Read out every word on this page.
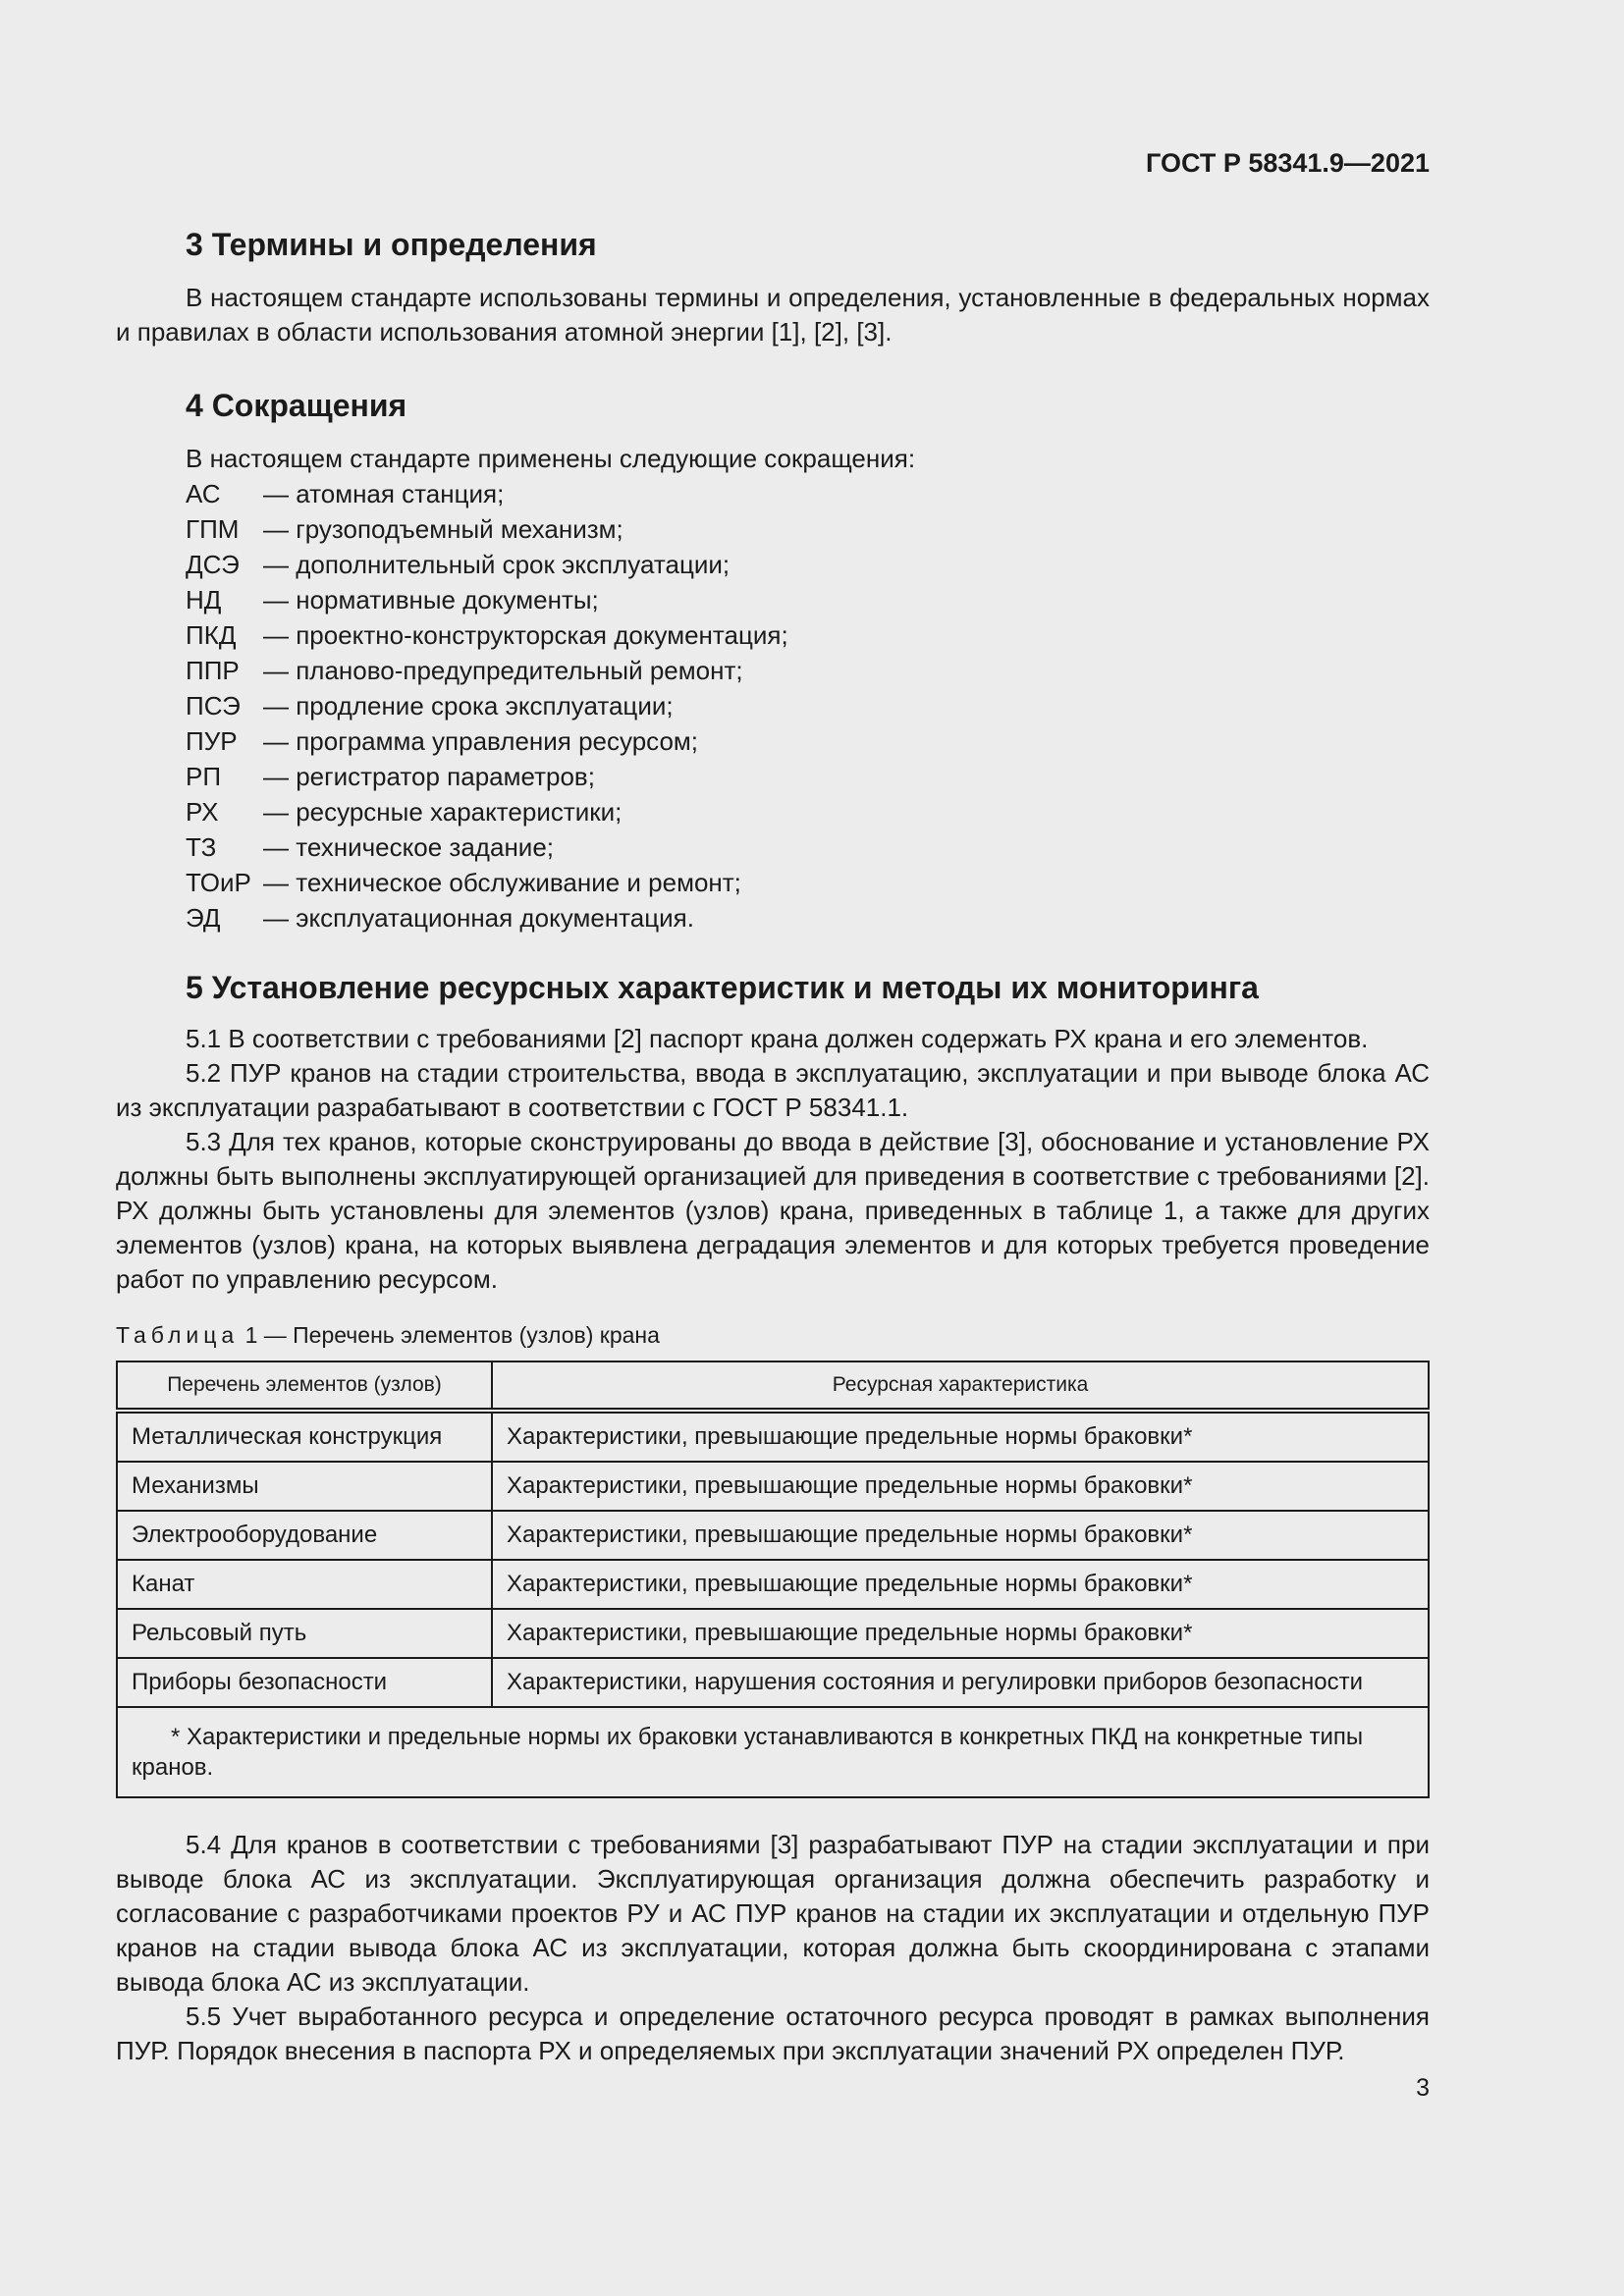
ГОСТ Р 58341.9—2021
3 Термины и определения

В настоящем стандарте использованы термины и определения, установленные в федеральных нормах и правилах в области использования атомной энергии [1], [2], [3].

4 Сокращения

В настоящем стандарте применены следующие сокращения:

АС	— атомная станция;
ГПМ — грузоподъемный механизм;
ДСЭ — дополнительный срок эксплуатации;
НД	— нормативные документы;
ПКД	— проектно-конструкторская документация;
ППР — планово-предупредительный ремонт;
ПСЭ — продление срока эксплуатации;
ПУР	— программа управления ресурсом;
РП	— регистратор параметров;
РХ	— ресурсные характеристики;
ТЗ	— техническое задание;
ТОиР — техническое обслуживание и ремонт;
ЭД	— эксплуатационная документация.
5 Установление ресурсных характеристик и методы их мониторинга

5.1 В соответствии с требованиями [2] паспорт крана должен содержать РХ крана и его элементов.

5.2 ПУР кранов на стадии строительства, ввода в эксплуатацию, эксплуатации и при выводе блока АС из эксплуатации разрабатывают в соответствии с ГОСТ Р 58341.1.

5.3 Для тех кранов, которые сконструированы до ввода в действие [3], обоснование и установление РХ должны быть выполнены эксплуатирующей организацией для приведения в соответствие с требованиями [2]. РХ должны быть установлены для элементов (узлов) крана, приведенных в таблице 1, а также для других элементов (узлов) крана, на которых выявлена деградация элементов и для которых требуется проведение работ по управлению ресурсом.

Таблица 1 — Перечень элементов (узлов) крана
Перечень элементов (узлов)	Ресурсная характеристика
Металлическая конструкция	Характеристики, превышающие предельные нормы браковки*
Механизмы	Характеристики, превышающие предельные нормы браковки*
Электрооборудование	Характеристики, превышающие предельные нормы браковки*
Канат	Характеристики, превышающие предельные нормы браковки*
Рельсовый путь	Характеристики, превышающие предельные нормы браковки*
Приборы безопасности	Характеристики, нарушения состояния и регулировки приборов безопасности
* Характеристики и предельные нормы их браковки устанавливаются в конкретных ПКД на конкретные типы кранов.	

5.4 Для кранов в соответствии с требованиями [3] разрабатывают ПУР на стадии эксплуатации и при выводе блока АС из эксплуатации. Эксплуатирующая организация должна обеспечить разработку и согласование с разработчиками проектов РУ и АС ПУР кранов на стадии их эксплуатации и отдельную ПУР кранов на стадии вывода блока АС из эксплуатации, которая должна быть скоординирована с этапами вывода блока АС из эксплуатации.

5.5 Учет выработанного ресурса и определение остаточного ресурса проводят в рамках выполнения ПУР. Порядок внесения в паспорта РХ и определяемых при эксплуатации значений РХ определен ПУР.

3
